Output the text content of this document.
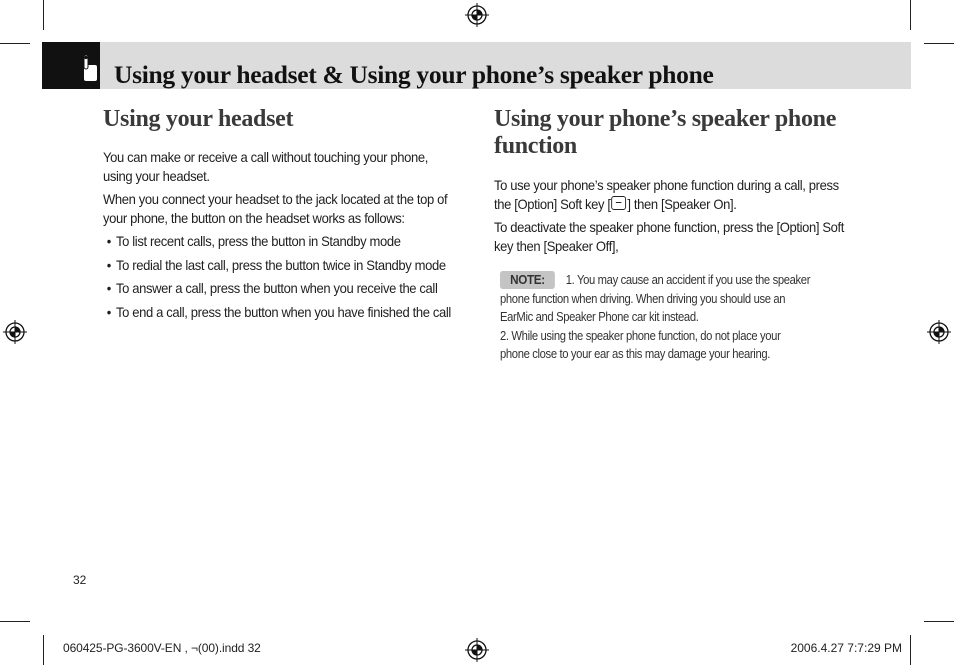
Using your headset & Using your phone’s speaker phone
Using your headset

You can make or receive a call without touching your phone, using your headset.

When you connect your headset to the jack located at the top of your phone, the button on the headset works as follows:

• To list recent calls, press the button in Standby mode
• To redial the last call, press the button twice in Standby mode
• To answer a call, press the button when you receive the call
• To end a call, press the button when you have finished the call
Using your phone’s speaker phone function

To use your phone’s speaker phone function during a call, press the [Option] Soft key [ ] then [Speaker On].

To deactivate the speaker phone function, press the [Option] Soft key then [Speaker Off],

NOTE: 1. You may cause an accident if you use the speaker

phone function when driving. When driving you should use an

EarMic and Speaker Phone car kit instead.

2. While using the speaker phone function, do not place your

phone close to your ear as this may damage your hearing.

32
060425-PG-3600V-EN , ¬(00).indd 32	2006.4.27 7:7:29 PM
